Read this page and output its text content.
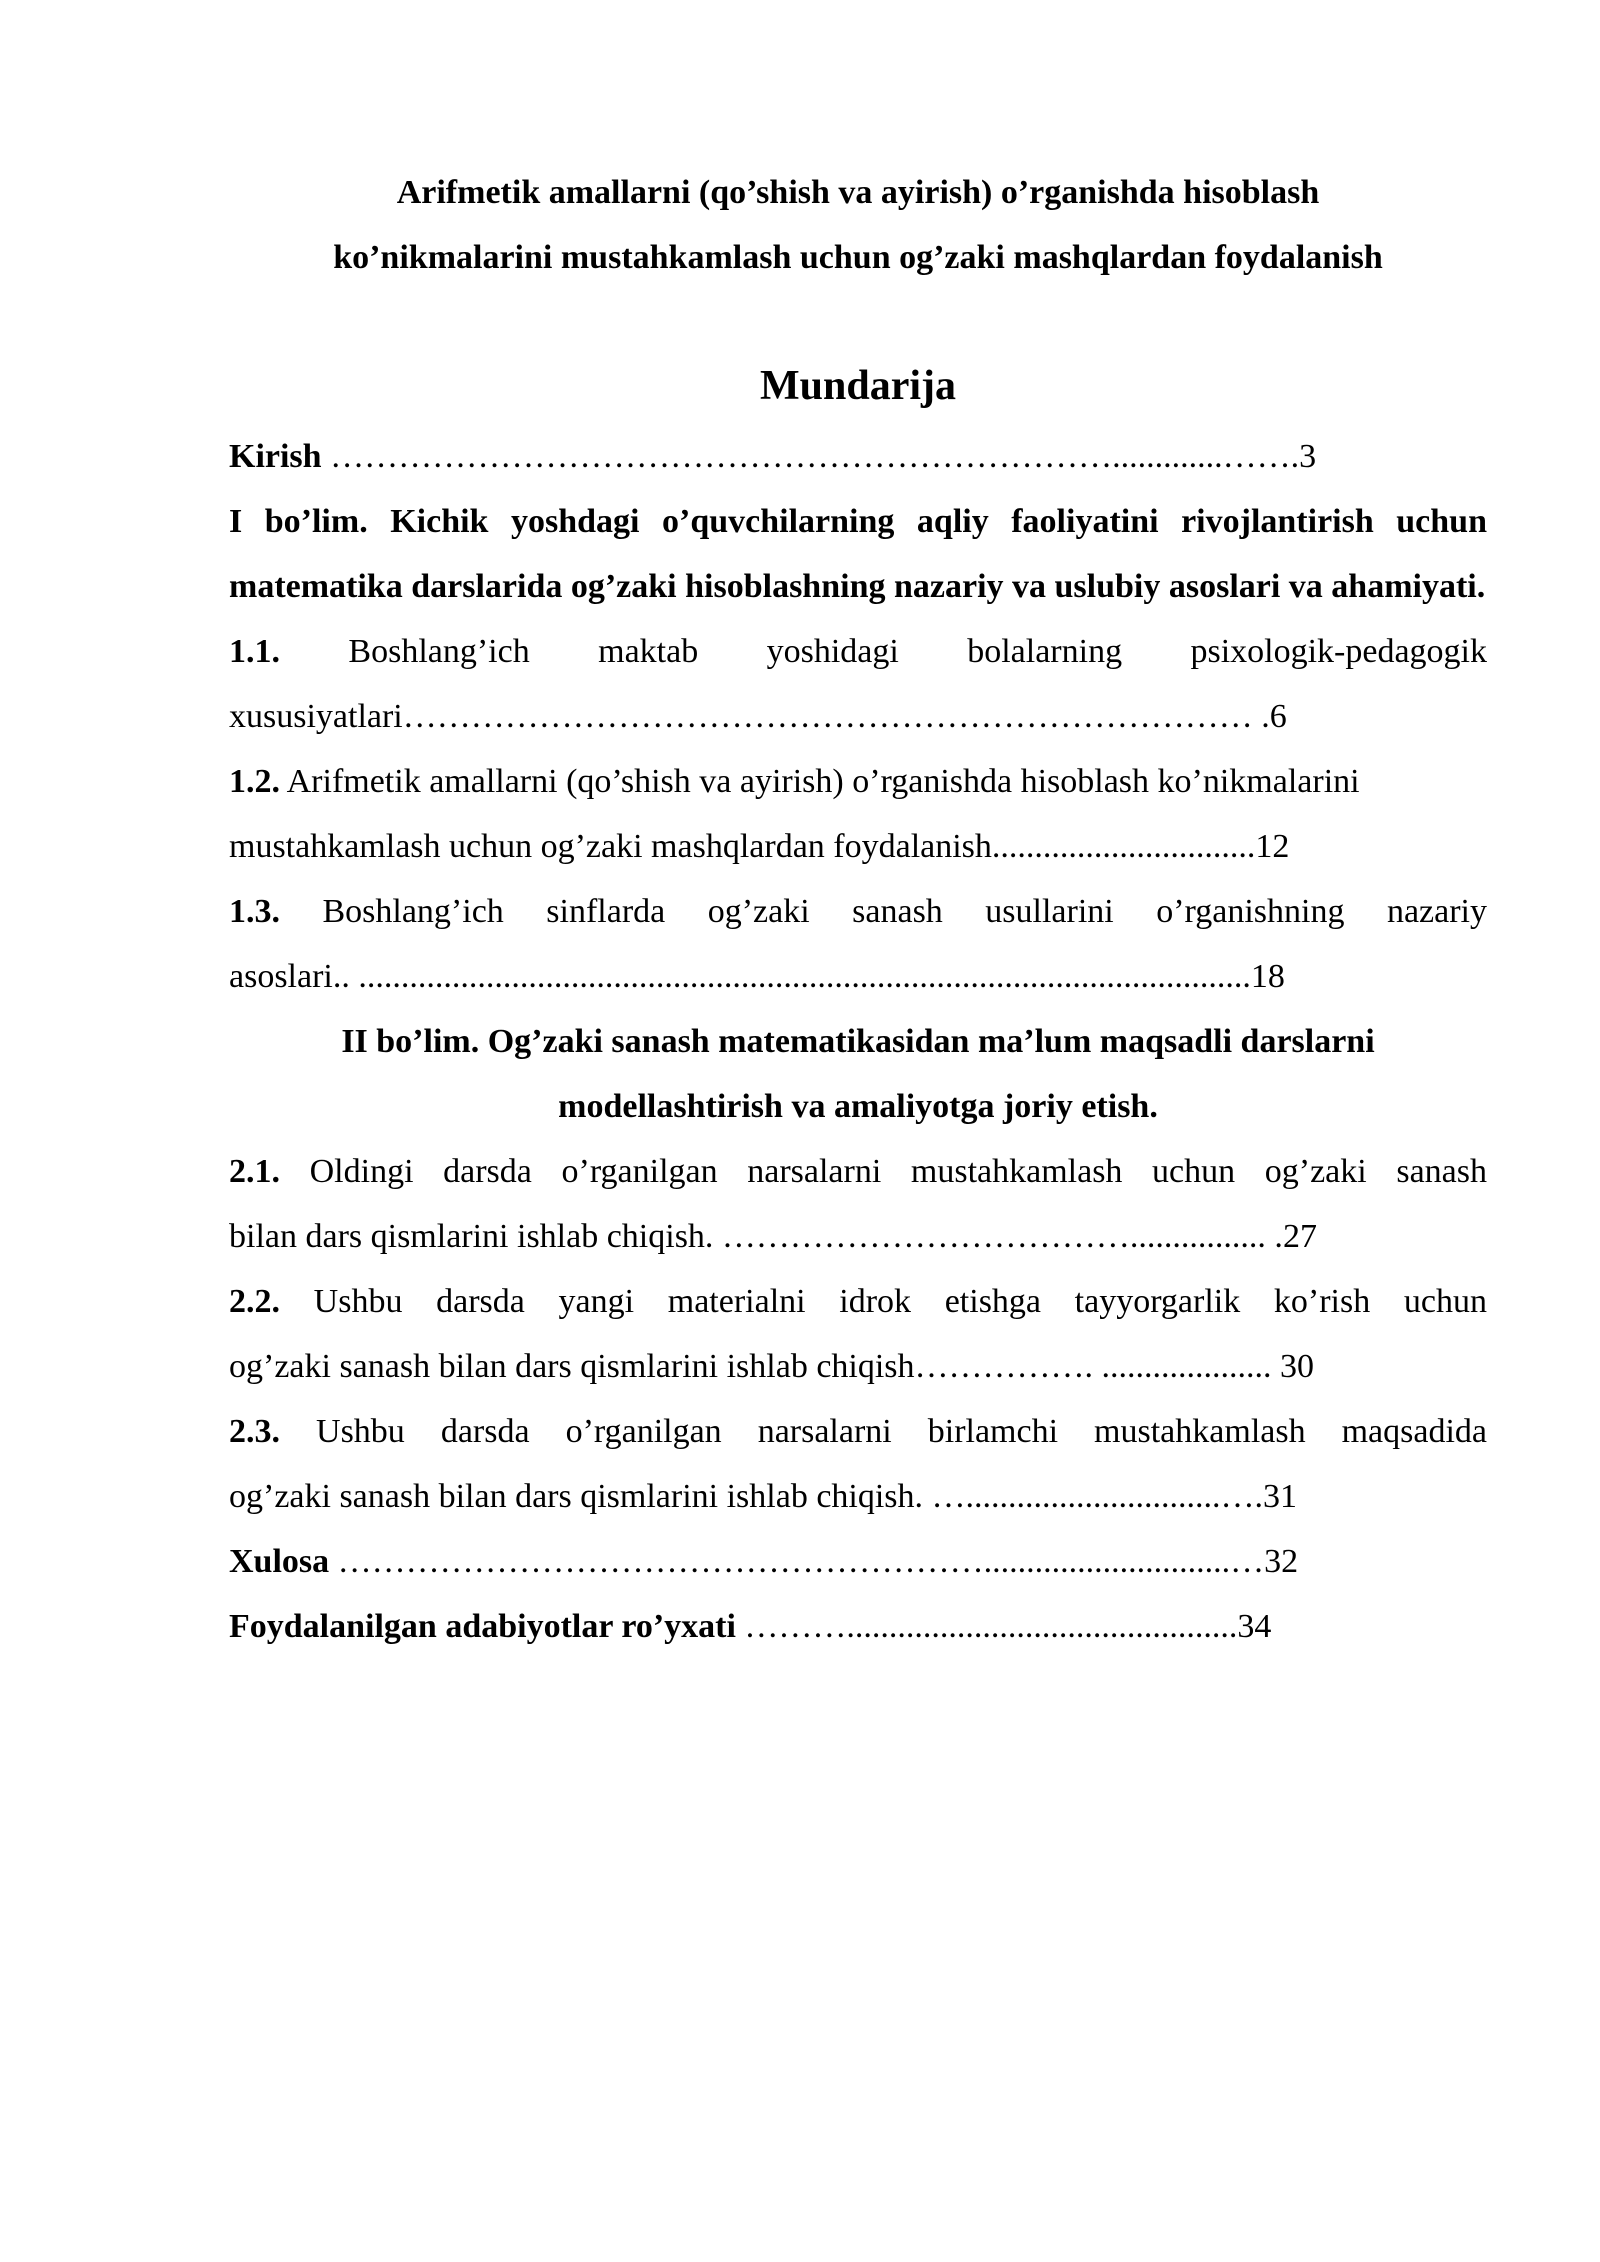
Arifmetik amallarni (qo’shish va ayirish) o’rganishda hisoblash
ko’nikmalarini mustahkamlash uchun og’zaki mashqlardan foydalanish
Mundarija

Kirish …………………………………………………………….............…….3

I bo’lim. Kichik yoshdagi o’quvchilarning aqliy faoliyatini rivojlantirish uchun matematika darslarida og’zaki hisoblashning nazariy va uslubiy asoslari va ahamiyati.

1.1. Boshlang’ich maktab yoshidagi bolalarning psixologik-pedagogik

xususiyatlari………………………………………………………………… .6

1.2. Arifmetik amallarni (qo’shish va ayirish) o’rganishda hisoblash ko’nikmalarini

mustahkamlash uchun og’zaki mashqlardan foydalanish...............................12

1.3. Boshlang’ich sinflarda og’zaki sanash usullarini o’rganishning nazariy

asoslari.. .........................................................................................................18

II bo’lim. Og’zaki sanash matematikasidan ma’lum maqsadli darslarni

modellashtirish va amaliyotga joriy etish.

2.1. Oldingi darsda o’rganilgan narsalarni mustahkamlash uchun og’zaki sanash

bilan dars qismlarini ishlab chiqish. ………………………………................ .27

2.2. Ushbu darsda yangi materialni idrok etishga tayyorgarlik ko’rish uchun

og’zaki sanash bilan dars qismlarini ishlab chiqish……………. .................... 30

2.3. Ushbu darsda o’rganilgan narsalarni birlamchi mustahkamlash maqsadida

og’zaki sanash bilan dars qismlarini ishlab chiqish. …..............................….31

Xulosa ………………………………………………….............................…32

Foydalanilgan adabiyotlar ro’yxati ………..............................................34
